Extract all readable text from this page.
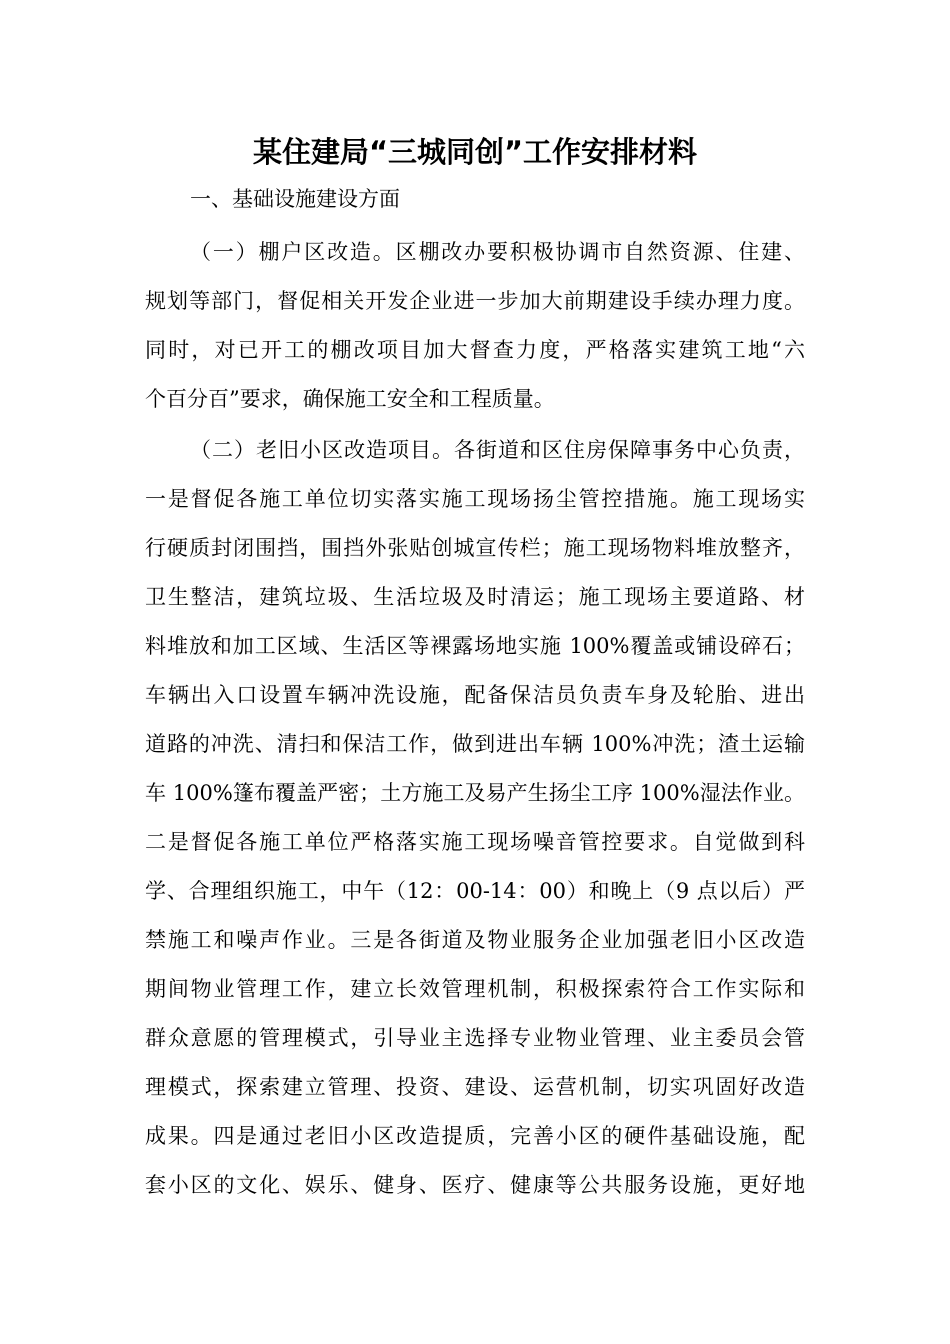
某住建局“三城同创”工作安排材料
一、基础设施建设方面
（一）棚户区改造。区棚改办要积极协调市自然资源、住建、
规划等部门，督促相关开发企业进一步加大前期建设手续办理力度。
同时，对已开工的棚改项目加大督查力度，严格落实建筑工地“六
个百分百”要求，确保施工安全和工程质量。
（二）老旧小区改造项目。各街道和区住房保障事务中心负责，
一是督促各施工单位切实落实施工现场扬尘管控措施。施工现场实
行硬质封闭围挡，围挡外张贴创城宣传栏；施工现场物料堆放整齐，
卫生整洁，建筑垃圾、生活垃圾及时清运；施工现场主要道路、材
料堆放和加工区域、生活区等裸露场地实施 100%覆盖或铺设碎石；
车辆出入口设置车辆冲洗设施，配备保洁员负责车身及轮胎、进出
道路的冲洗、清扫和保洁工作，做到进出车辆 100%冲洗；渣土运输
车 100%篷布覆盖严密；土方施工及易产生扬尘工序 100%湿法作业。
二是督促各施工单位严格落实施工现场噪音管控要求。自觉做到科
学、合理组织施工，中午（12：00-14：00）和晚上（9 点以后）严
禁施工和噪声作业。三是各街道及物业服务企业加强老旧小区改造
期间物业管理工作，建立长效管理机制，积极探索符合工作实际和
群众意愿的管理模式，引导业主选择专业物业管理、业主委员会管
理模式，探索建立管理、投资、建设、运营机制，切实巩固好改造
成果。四是通过老旧小区改造提质，完善小区的硬件基础设施，配
套小区的文化、娱乐、健身、医疗、健康等公共服务设施，更好地
